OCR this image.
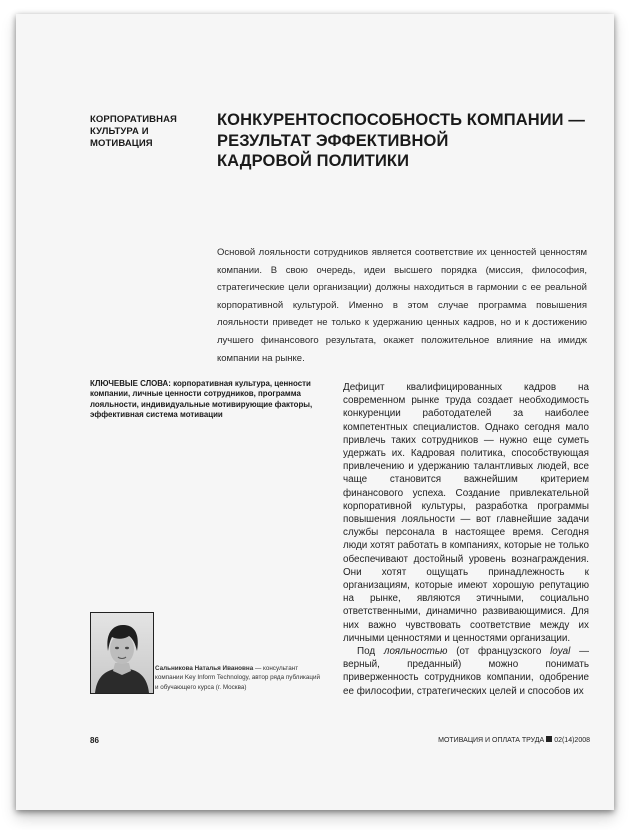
КОРПОРАТИВНАЯ КУЛЬТУРА И МОТИВАЦИЯ
КОНКУРЕНТОСПОСОБНОСТЬ КОМПАНИИ —
РЕЗУЛЬТАТ ЭФФЕКТИВНОЙ
КАДРОВОЙ ПОЛИТИКИ
Основой лояльности сотрудников является соответствие их ценностей ценностям компании. В свою очередь, идеи высшего порядка (миссия, философия, стратегические цели организации) должны находиться в гармонии с ее реальной корпоративной культурой. Именно в этом случае программа повышения лояльности приведет не только к удержанию ценных кадров, но и к достижению лучшего финансового результата, окажет положительное влияние на имидж компании на рынке.
КЛЮЧЕВЫЕ СЛОВА: корпоративная культура, ценности компании, личные ценности сотрудников, программа лояльности, индивидуальные мотивирующие факторы, эффективная система мотивации

Дефицит квалифицированных кадров на современном рынке труда создает необходимость конкуренции работодателей за наиболее компетентных специалистов. Однако сегодня мало привлечь таких сотрудников — нужно еще суметь удержать их. Кадровая политика, способствующая привлечению и удержанию талантливых людей, все чаще становится важнейшим критерием финансового успеха. Создание привлекательной корпоративной культуры, разработка программы повышения лояльности — вот главнейшие задачи службы персонала в настоящее время. Сегодня люди хотят работать в компаниях, которые не только обеспечивают достойный уровень вознаграждения. Они хотят ощущать принадлежность к организациям, которые имеют хорошую репутацию на рынке, являются этичными, социально ответственными, динамично развивающимися. Для них важно чувствовать соответствие между их личными ценностями и ценностями организации.

Под лояльностью (от французского loyal — верный, преданный) можно понимать приверженность сотрудников компании, одобрение ее философии, стратегических целей и способов их

Сальникова Наталья Ивановна — консультант компании Key Inform Technology, автор ряда публикаций и обучающего курса (г. Москва)
86	МОТИВАЦИЯ И ОПЛАТА ТРУДА 02(14)2008
